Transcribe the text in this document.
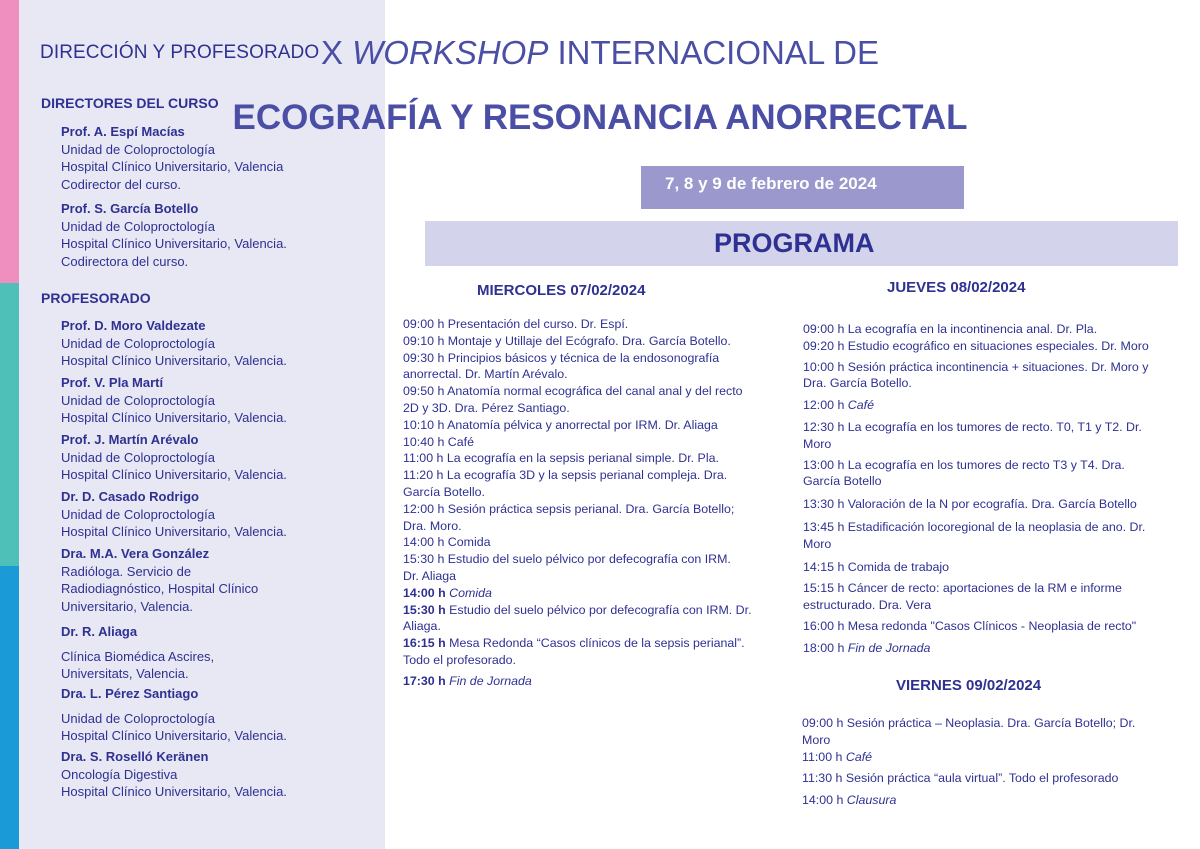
DIRECCIÓN Y PROFESORADO
DIRECTORES DEL CURSO
Prof. A. Espí Macías
Unidad de Coloproctología
Hospital Clínico Universitario, Valencia
Codirector del curso.
Prof. S. García Botello
Unidad de Coloproctología
Hospital Clínico Universitario, Valencia.
Codirectora del curso.
PROFESORADO
Prof. D. Moro Valdezate
Unidad de Coloproctología
Hospital Clínico Universitario, Valencia.
Prof. V. Pla Martí
Unidad de Coloproctología
Hospital Clínico Universitario, Valencia.
Prof. J. Martín Arévalo
Unidad de Coloproctología
Hospital Clínico Universitario, Valencia.
Dr. D. Casado Rodrigo
Unidad de Coloproctología
Hospital Clínico Universitario, Valencia.
Dra. M.A. Vera González
Radióloga. Servicio de
Radiodiagnóstico, Hospital Clínico
Universitario, Valencia.
Dr. R. Aliaga
Clínica Biomédica Ascires,
Universitats, Valencia.
Dra. L. Pérez Santiago
Unidad de Coloproctología
Hospital Clínico Universitario, Valencia.
Dra. S. Roselló Keränen
Oncología Digestiva
Hospital Clínico Universitario, Valencia.
X WORKSHOP INTERNACIONAL DE
ECOGRAFÍA Y RESONANCIA ANORRECTAL
7, 8 y 9 de febrero de 2024
PROGRAMA
MIERCOLES 07/02/2024
09:00 h Presentación del curso. Dr. Espí.
09:10 h Montaje y Utillaje del Ecógrafo. Dra. García Botello.
09:30 h Principios básicos y técnica de la endosonografía
anorrectal. Dr. Martín Arévalo.
09:50 h Anatomía normal ecográfica del canal anal y del recto
2D y 3D. Dra. Pérez Santiago.
10:10 h Anatomía pélvica y anorrectal por IRM. Dr. Aliaga
10:40 h Café
11:00 h La ecografía en la sepsis perianal simple. Dr. Pla.
11:20 h La ecografía 3D y la sepsis perianal compleja. Dra.
García Botello.
12:00 h Sesión práctica sepsis perianal. Dra. García Botello;
Dra. Moro.
14:00 h Comida
15:30 h Estudio del suelo pélvico por defecografía con IRM.
Dr. Aliaga
14:00 h Comida
15:30 h Estudio del suelo pélvico por defecografía con IRM. Dr.
Aliaga.
16:15 h Mesa Redonda “Casos clínicos de la sepsis perianal”.
Todo el profesorado.
17:30 h Fin de Jornada
JUEVES 08/02/2024
09:00 h La ecografía en la incontinencia anal. Dr. Pla.
09:20 h Estudio ecográfico en situaciones especiales. Dr. Moro
10:00 h Sesión práctica incontinencia + situaciones. Dr. Moro y
Dra. García Botello.
12:00 h Café
12:30 h La ecografía en los tumores de recto. T0, T1 y T2. Dr.
Moro
13:00 h La ecografía en los tumores de recto T3 y T4. Dra.
García Botello
13:30 h Valoración de la N por ecografía. Dra. García Botello
13:45 h Estadificación locoregional de la neoplasia de ano. Dr.
Moro
14:15 h Comida de trabajo
15:15 h Cáncer de recto: aportaciones de la RM e informe
estructurado. Dra. Vera
16:00 h Mesa redonda "Casos Clínicos - Neoplasia de recto"
18:00 h Fin de Jornada
VIERNES 09/02/2024
09:00 h Sesión práctica – Neoplasia. Dra. García Botello; Dr.
Moro
11:00 h Café
11:30 h Sesión práctica “aula virtual”. Todo el profesorado
14:00 h Clausura
